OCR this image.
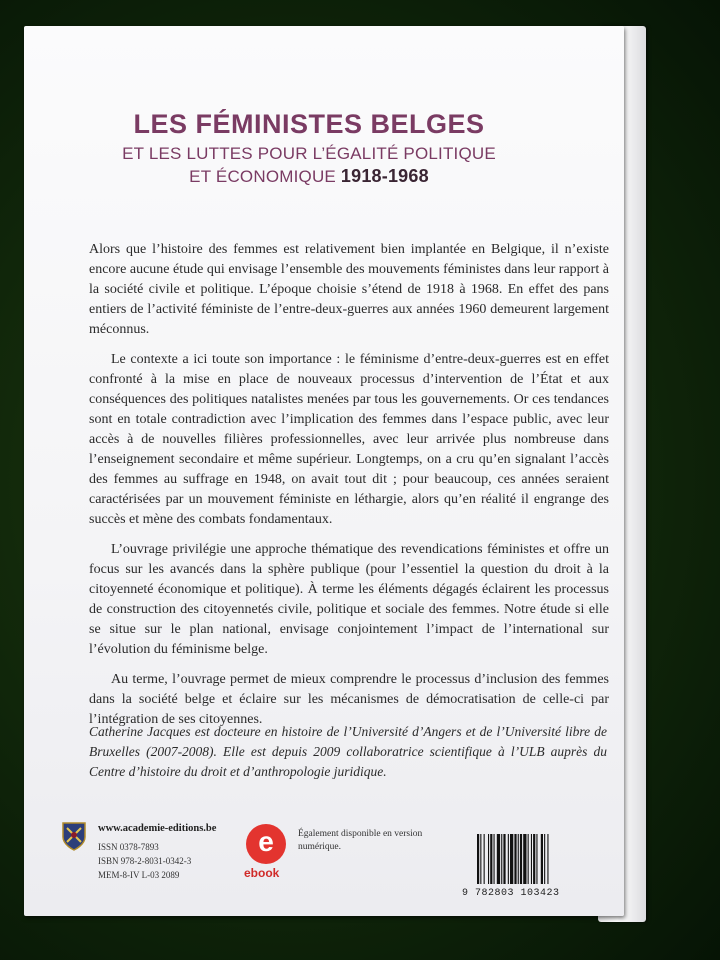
LES FÉMINISTES BELGES
ET LES LUTTES POUR L’ÉGALITÉ POLITIQUE
ET ÉCONOMIQUE 1918-1968

Alors que l’histoire des femmes est relativement bien implantée en Belgique, il n’existe encore aucune étude qui envisage l’ensemble des mouvements féministes dans leur rapport à la société civile et politique. L’époque choisie s’étend de 1918 à 1968. En effet des pans entiers de l’activité féministe de l’entre-deux-guerres aux années 1960 demeurent largement méconnus.

Le contexte a ici toute son importance : le féminisme d’entre-deux-guerres est en effet confronté à la mise en place de nouveaux processus d’intervention de l’État et aux conséquences des politiques natalistes menées par tous les gouvernements. Or ces tendances sont en totale contradiction avec l’implication des femmes dans l’espace public, avec leur accès à de nouvelles filières professionnelles, avec leur arrivée plus nombreuse dans l’enseignement secondaire et même supérieur. Longtemps, on a cru qu’en signalant l’accès des femmes au suffrage en 1948, on avait tout dit ; pour beaucoup, ces années seraient caractérisées par un mouvement féministe en léthargie, alors qu’en réalité il engrange des succès et mène des combats fondamentaux.

L’ouvrage privilégie une approche thématique des revendications féministes et offre un focus sur les avancés dans la sphère publique (pour l’essentiel la question du droit à la citoyenneté économique et politique). À terme les éléments dégagés éclairent les processus de construction des citoyennetés civile, politique et sociale des femmes. Notre étude si elle se situe sur le plan national, envisage conjointement l’impact de l’international sur l’évolution du féminisme belge.

Au terme, l’ouvrage permet de mieux comprendre le processus d’inclusion des femmes dans la société belge et éclaire sur les mécanismes de démocratisation de celle-ci par l’intégration de ses citoyennes.

Catherine Jacques est docteure en histoire de l’Université d’Angers et de l’Université libre de Bruxelles (2007-2008). Elle est depuis 2009 collaboratrice scientifique à l’ULB auprès du Centre d’histoire du droit et d’anthropologie juridique.
www.academie-editions.be
ISSN 0378-7893
ISBN 978-2-8031-0342-3
MEM-8-IV L-03 2089
e
ebook
Également disponible en version
numérique.
9 782803 103423
